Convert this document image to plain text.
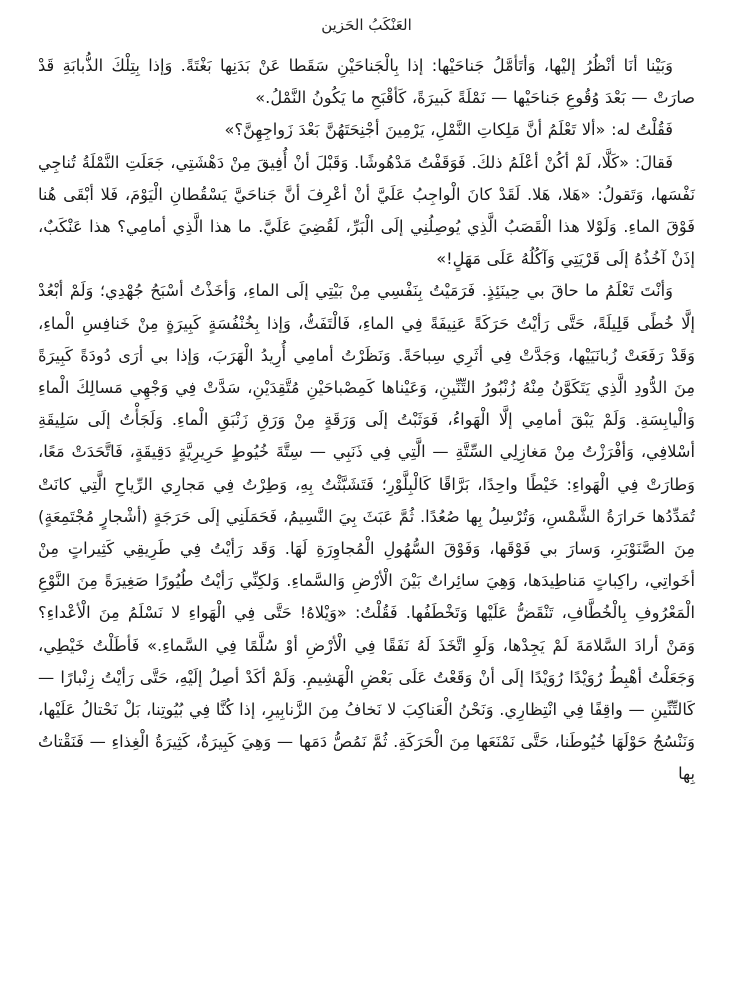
العَنْكَبُ الحَزين

وَبَيْنا أنَا أنْظُرُ إليْها، وَأتَأمَّلُ جَناحَيْها: إذا بِالْجَناحَيْنِ سَقَطا عَنْ بَدَنِها بَغْتَةً. وَإذا بِتِلْكَ الذُّبابَةِ قَدْ صارَتْ — بَعْدَ وُقُوعِ جَناحَيْها — نَمْلَةً كَبيرَةً، كَأقْبَحِ ما يَكُونُ النَّمْلُ.»

فَقُلْتُ له: «ألا تَعْلَمُ أنَّ مَلِكاتِ النَّمْلِ، يَرْمِينَ أجْنِحَتَهُنَّ بَعْدَ زَواجِهِنَّ؟»

فَقالَ: «كَلَّا، لَمْ أكُنْ أعْلَمُ ذلكَ. فَوَقَفْتُ مَدْهُوشًا. وَقَبْلَ أنْ أُفِيقَ مِنْ دَهْشَتِي، جَعَلَتِ النَّمْلَةُ تُناجِي نَفْسَها، وَتَقولُ: «هَلا، هَلا. لَقَدْ كانَ الْواجِبُ عَلَيَّ أنْ أعْرِفَ أنَّ جَناحَيَّ يَسْقُطانِ الْيَوْمَ، فَلا أبْقَى هُنا فَوْقَ الماءِ. وَلَوْلا هذا الْقَصَبُ الَّذِي يُوصِلُنِي إلَى الْبَرِّ، لَقُضِيَ عَلَيَّ. ما هذا الَّذِي أمامِي؟ هذا عَنْكَبٌ، إذَنْ آخُذُهُ إلَى قَرْيَتِي وَآكُلُهُ عَلَى مَهَلٍ!»

وَأنْتَ تَعْلَمُ ما حاقَ بي حِينَئِذٍ. فَرَمَيْتُ بِنَفْسِي مِنْ بَيْتِي إلَى الماءِ، وَأخَذْتُ أسْبَحُ جُهْدِي؛ وَلَمْ أبْعُدْ إلَّا خُطًى قَلِيلَةً، حَتَّى رَأيْتُ حَرَكَةً عَنِيفَةً فِي الماءِ، فَالْتَفَتُّ، وَإذا بِخُنْفُسَةٍ كَبِيرَةٍ مِنْ خَنافِسِ الْماءِ، وَقَدْ رَفَعَتْ زُبانَيَيْها، وَجَدَّتْ فِي أثَرِي سِباحَةً. وَنَظَرْتُ أمامِي أُرِيدُ الْهَرَبَ، وَإذا بي أرَى دُودَةً كَبِيرَةً مِنَ الدُّودِ الَّذِي يَتَكَوَّنُ مِنْهُ زُنْبُورُ التِّنِّينِ، وَعَيْناها كَمِصْباحَيْنِ مُتَّقِدَيْنِ، سَدَّتْ فِي وَجْهِي مَسالِكَ الْماءِ وَالْيابِسَةِ. وَلَمْ يَبْقَ أمامِي إلَّا الْهَواءُ، فَوَثَبْتُ إلَى وَرَقَةٍ مِنْ وَرَقِ زَنْبَقِ الْماءِ. وَلَجَأْتُ إلَى سَلِيقَةِ أسْلافِي، وَأفْرَزْتُ مِنْ مَغازِلِي السِّتَّةِ — الَّتِي فِي ذَنَبِي — سِتَّةَ خُيُوطٍ حَرِيرِيَّةٍ دَقِيقَةٍ، فَاتَّحَدَتْ مَعًا، وَطارَتْ فِي الْهَواءِ: خَيْطًا واحِدًا، بَرَّاقًا كَالْبِلَّوْرِ؛ فَتَشَبَّثْتُ بِهِ، وَطِرْتُ فِي مَجارِي الرِّياحِ الَّتِي كانَتْ تُمَدِّدُها حَرارَةُ الشَّمْسِ، وَتُرْسِلُ بِها صُعُدًا. ثُمَّ عَبَثَ بِيَ النَّسِيمُ، فَحَمَلَنِي إلَى حَرَجَةٍ (أشْجارٍ مُجْتَمِعَةٍ) مِنَ الصَّنَوْبَرِ، وَسارَ بي فَوْقَها، وَفَوْقَ السُّهُولِ الْمُجاوِرَةِ لَهَا. وَقَد رَأيْتُ فِي طَرِيقِي كَثِيراتٍ مِنْ أخَواتِي، راكِباتٍ مَناطِيدَها، وَهِيَ سائِراتٌ بَيْنَ الْأرْضِ وَالسَّماءِ. وَلكِنِّي رَأيْتُ طُيُورًا صَغِيرَةً مِنَ النَّوْعِ الْمَعْرُوفِ بِالْخُطَّافِ، تَنْقَضُّ عَلَيْها وَتَخْطَفُها. فَقُلْتُ: «وَيْلاهُ! حَتَّى فِي الْهَواءِ لا نَسْلَمُ مِنَ الْأعْداءِ؟ وَمَنْ أرادَ السَّلامَةَ لَمْ يَجِدْها، وَلَوِ اتَّخَذَ لَهُ نَفَقًا فِي الْأرْضِ أوْ سُلَّمًا فِي السَّماءِ.» فَأطَلْتُ خَيْطِي، وَجَعَلْتُ أهْبِطُ رُوَيْدًا رُوَيْدًا إلَى أنْ وَقَعْتُ عَلَى بَعْضِ الْهَشِيمِ. وَلَمْ أكَدْ أصِلُ إلَيْهِ، حَتَّى رَأيْتُ زِنْبارًا — كَالتِّنِّينِ — واقِفًا فِي انْتِظارِي. وَنَحْنُ الْعَناكِبَ لا نَخافُ مِنَ الزَّنابِيرِ، إذا كُنَّا فِي بُيُوتِنا، بَلْ نَحْتالُ عَلَيْها، وَنَنْسُجُ حَوْلَهَا خُيُوطَنا، حَتَّى نَمْنَعَها مِنَ الْحَرَكَةِ. ثُمَّ نَمُصُّ دَمَها — وَهِيَ كَبِيرَةٌ، كَثِيرَةُ الْغِذاءِ — فَنَقْتاتُ بِها
